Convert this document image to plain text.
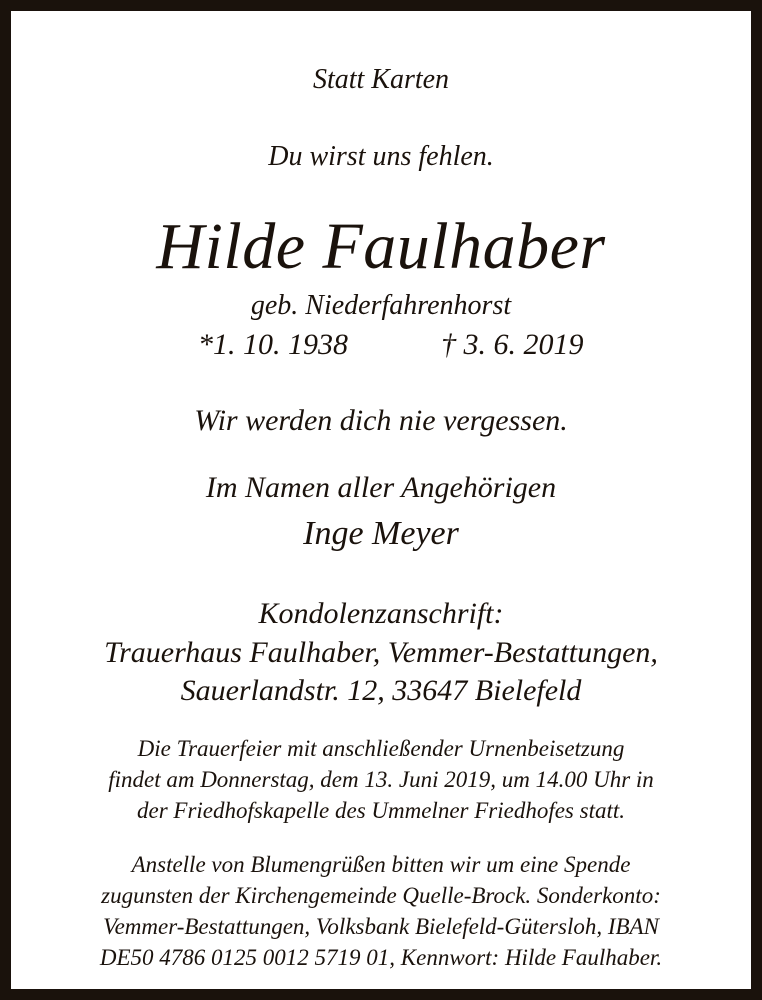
Statt Karten
Du wirst uns fehlen.
Hilde Faulhaber
geb. Niederfahrenhorst
*1. 10. 1938	† 3. 6. 2019
Wir werden dich nie vergessen.
Im Namen aller Angehörigen
Inge Meyer
Kondolenzanschrift:
Trauerhaus Faulhaber, Vemmer-Bestattungen,
Sauerlandstr. 12, 33647 Bielefeld
Die Trauerfeier mit anschließender Urnenbeisetzung
findet am Donnerstag, dem 13. Juni 2019, um 14.00 Uhr in
der Friedhofskapelle des Ummelner Friedhofes statt.
Anstelle von Blumengrüßen bitten wir um eine Spende
zugunsten der Kirchengemeinde Quelle-Brock. Sonderkonto:
Vemmer-Bestattungen, Volksbank Bielefeld-Gütersloh, IBAN
DE50 4786 0125 0012 5719 01, Kennwort: Hilde Faulhaber.
